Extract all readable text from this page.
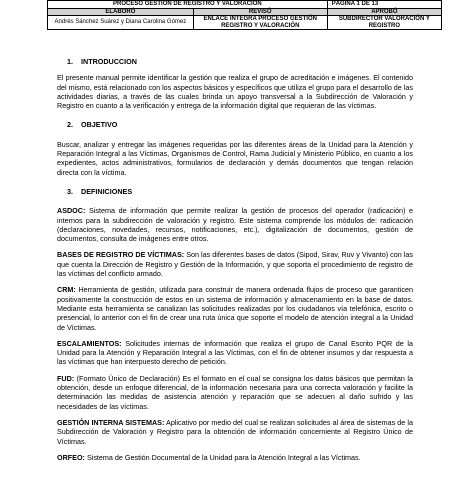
PROCESO GESTIÓN DE REGISTRO Y VALORACIÓN		PÁGINA 1 DE 13
ELABORÓ	REVISÓ	APROBÓ
Andrés Sánchez Suárez y Diana Carolina Gómez	ENLACE INTEGRA PROCESO GESTIÓN REGISTRO Y VALORACIÓN	SUBDIRECTOR VALORACIÓN Y REGISTRO

1. INTRODUCCION

El presente manual permite identificar la gestión que realiza el grupo de acreditación e imágenes. El contenido del mismo, está relacionado con los aspectos básicos y específicos que utiliza el grupo para el desarrollo de las actividades diarias, a través de las cuales brinda un apoyo transversal a la Subdirección de Valoración y Registro en cuanto a la verificación y entrega de la información digital que requieran de las víctimas.

2. OBJETIVO

Buscar, analizar y entregar las imágenes requeridas por las diferentes áreas de la Unidad para la Atención y Reparación Integral a las Víctimas, Organismos de Control, Rama Judicial y Ministerio Público, en cuanto a los expedientes, actos administrativos, formularios de declaración y demás documentos que tengan relación directa con la víctima.

3. DEFINICIONES

ASDOC: Sistema de información que permite realizar la gestión de procesos del operador (radicación) e internos para la subdirección de valoración y registro. Este sistema comprende los módulos de: radicación (declaraciones, novedades, recursos, notificaciones, etc.), digitalización de documentos, gestión de documentos, consulta de imágenes entre otros.

BASES DE REGISTRO DE VÍCTIMAS: Son las diferentes bases de datos (Sipod, Sirav, Ruv y Vivanto) con las que cuenta la Dirección de Registro y Gestión de la Información, y que soporta el procedimiento de registro de las víctimas del conflicto armado.

CRM: Herramienta de gestión, utilizada para construir de manera ordenada flujos de proceso que garanticen positivamente la construcción de estos en un sistema de información y almacenamiento en la base de datos. Mediante esta herramienta se canalizan las solicitudes realizadas por los ciudadanos vía telefónica, escrito o presencial, lo anterior con el fin de crear una ruta única que soporte el modelo de atención integral a la Unidad de Víctimas.

ESCALAMIENTOS: Solicitudes internas de información que realiza el grupo de Canal Escrito PQR de la Unidad para la Atención y Reparación Integral a las Víctimas, con el fin de obtener insumos y dar respuesta a las víctimas que han interpuesto derecho de petición.

FUD: (Formato Único de Declaración) Es el formato en el cual se consigna los datos básicos que permitan la obtención, desde un enfoque diferencial, de la información necesaria para una correcta valoración y facilite la determinación las medidas de asistencia atención y reparación que se adecuen al daño sufrido y las necesidades de las víctimas.

GESTIÓN INTERNA SISTEMAS: Aplicativo por medio del cual se realizan solicitudes al área de sistemas de la Subdirección de Valoración y Registro para la obtención de información concerniente al Registro Único de Víctimas.

ORFEO: Sistema de Gestión Documental de la Unidad para la Atención Integral a las Víctimas.
